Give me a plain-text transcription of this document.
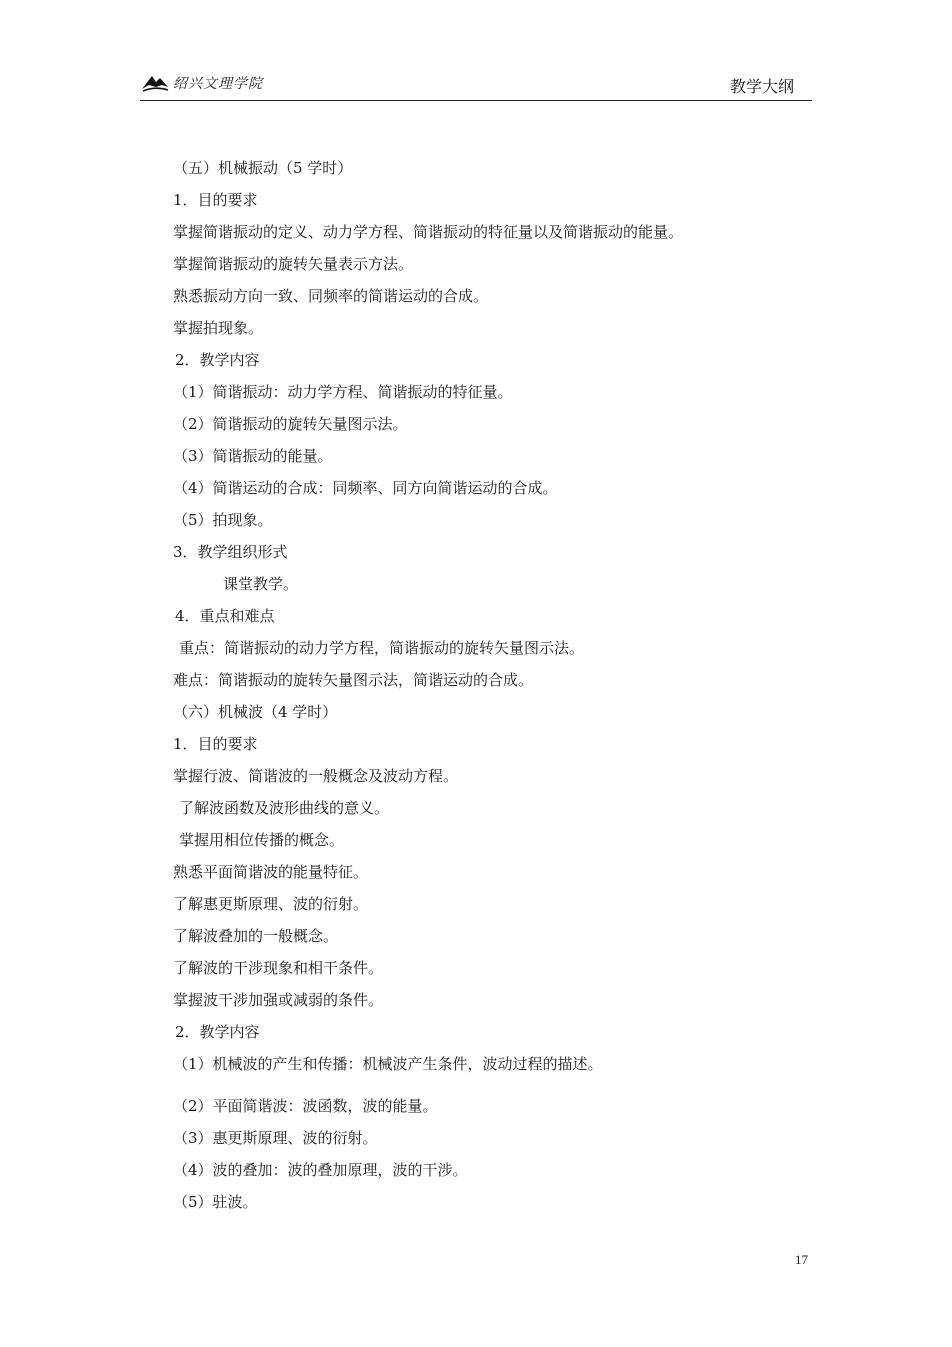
绍兴文理学院	教学大纲
（五）机械振动（5 学时）
1．目的要求
掌握简谐振动的定义、动力学方程、简谐振动的特征量以及简谐振动的能量。
掌握简谐振动的旋转矢量表示方法。
熟悉振动方向一致、同频率的简谐运动的合成。
掌握拍现象。
2．教学内容
（1）简谐振动：动力学方程、简谐振动的特征量。
（2）简谐振动的旋转矢量图示法。
（3）简谐振动的能量。
（4）简谐运动的合成：同频率、同方向简谐运动的合成。
（5）拍现象。
3．教学组织形式
课堂教学。
4．重点和难点
重点：简谐振动的动力学方程，简谐振动的旋转矢量图示法。
难点：简谐振动的旋转矢量图示法，简谐运动的合成。
（六）机械波（4 学时）
1．目的要求
掌握行波、简谐波的一般概念及波动方程。
了解波函数及波形曲线的意义。
掌握用相位传播的概念。
熟悉平面简谐波的能量特征。
了解惠更斯原理、波的衍射。
了解波叠加的一般概念。
了解波的干涉现象和相干条件。
掌握波干涉加强或减弱的条件。
2．教学内容
（1）机械波的产生和传播：机械波产生条件，波动过程的描述。
（2）平面简谐波：波函数，波的能量。
（3）惠更斯原理、波的衍射。
（4）波的叠加：波的叠加原理，波的干涉。
（5）驻波。
17
